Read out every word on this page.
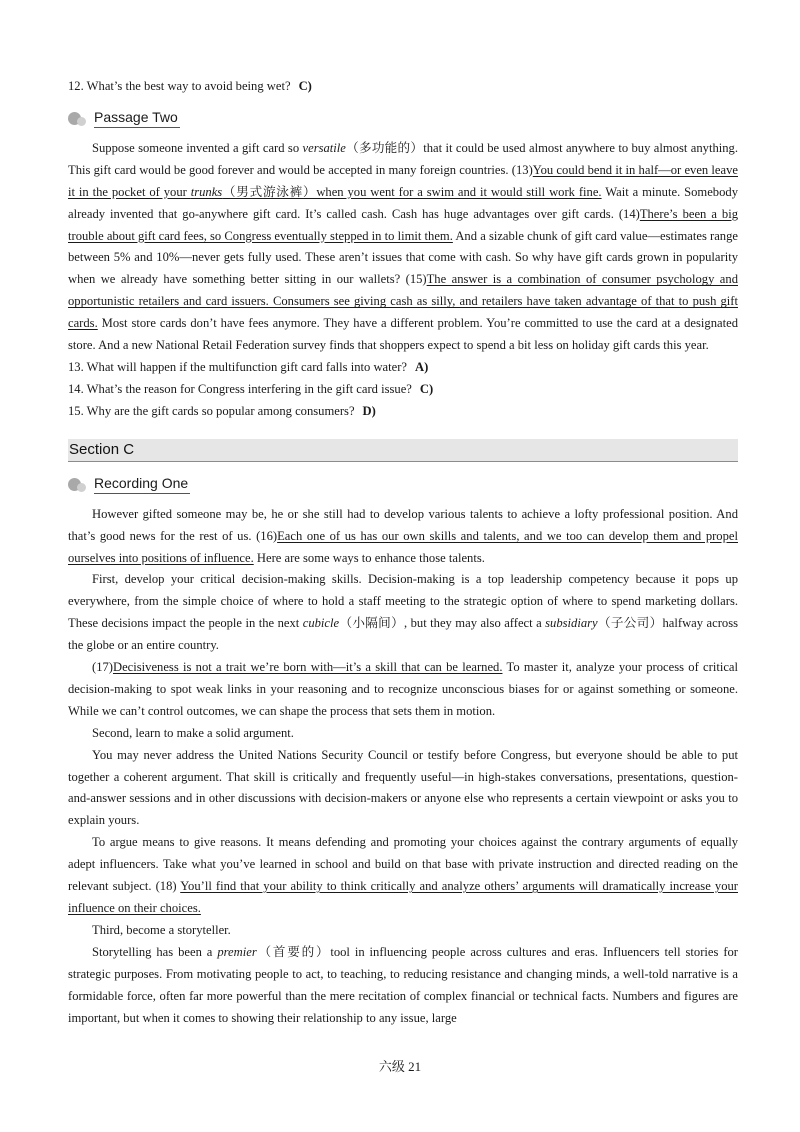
12. What’s the best way to avoid being wet? C)

Passage Two

Suppose someone invented a gift card so versatile（多功能的）that it could be used almost anywhere to buy almost anything. This gift card would be good forever and would be accepted in many foreign countries. (13)You could bend it in half—or even leave it in the pocket of your trunks（男式游泳裤）when you went for a swim and it would still work fine. Wait a minute. Somebody already invented that go-anywhere gift card. It’s called cash. Cash has huge advantages over gift cards. (14)There’s been a big trouble about gift card fees, so Congress eventually stepped in to limit them. And a sizable chunk of gift card value—estimates range between 5% and 10%—never gets fully used. These aren’t issues that come with cash. So why have gift cards grown in popularity when we already have something better sitting in our wallets? (15)The answer is a combination of consumer psychology and opportunistic retailers and card issuers. Consumers see giving cash as silly, and retailers have taken advantage of that to push gift cards. Most store cards don’t have fees anymore. They have a different problem. You’re committed to use the card at a designated store. And a new National Retail Federation survey finds that shoppers expect to spend a bit less on holiday gift cards this year.

13. What will happen if the multifunction gift card falls into water? A)

14. What’s the reason for Congress interfering in the gift card issue? C)

15. Why are the gift cards so popular among consumers? D)

Section C
Recording One

However gifted someone may be, he or she still had to develop various talents to achieve a lofty professional position. And that’s good news for the rest of us. (16)Each one of us has our own skills and talents, and we too can develop them and propel ourselves into positions of influence. Here are some ways to enhance those talents.

First, develop your critical decision-making skills. Decision-making is a top leadership competency because it pops up everywhere, from the simple choice of where to hold a staff meeting to the strategic option of where to spend marketing dollars. These decisions impact the people in the next cubicle（小隔间）, but they may also affect a subsidiary（子公司）halfway across the globe or an entire country.

(17)Decisiveness is not a trait we’re born with—it’s a skill that can be learned. To master it, analyze your process of critical decision-making to spot weak links in your reasoning and to recognize unconscious biases for or against something or someone. While we can’t control outcomes, we can shape the process that sets them in motion.

Second, learn to make a solid argument.

You may never address the United Nations Security Council or testify before Congress, but everyone should be able to put together a coherent argument. That skill is critically and frequently useful—in high-stakes conversations, presentations, question-and-answer sessions and in other discussions with decision-makers or anyone else who represents a certain viewpoint or asks you to explain yours.

To argue means to give reasons. It means defending and promoting your choices against the contrary arguments of equally adept influencers. Take what you’ve learned in school and build on that base with private instruction and directed reading on the relevant subject. (18) You’ll find that your ability to think critically and analyze others’ arguments will dramatically increase your influence on their choices.

Third, become a storyteller.

Storytelling has been a premier（首要的）tool in influencing people across cultures and eras. Influencers tell stories for strategic purposes. From motivating people to act, to teaching, to reducing resistance and changing minds, a well-told narrative is a formidable force, often far more powerful than the mere recitation of complex financial or technical facts. Numbers and figures are important, but when it comes to showing their relationship to any issue, large

六级 21
